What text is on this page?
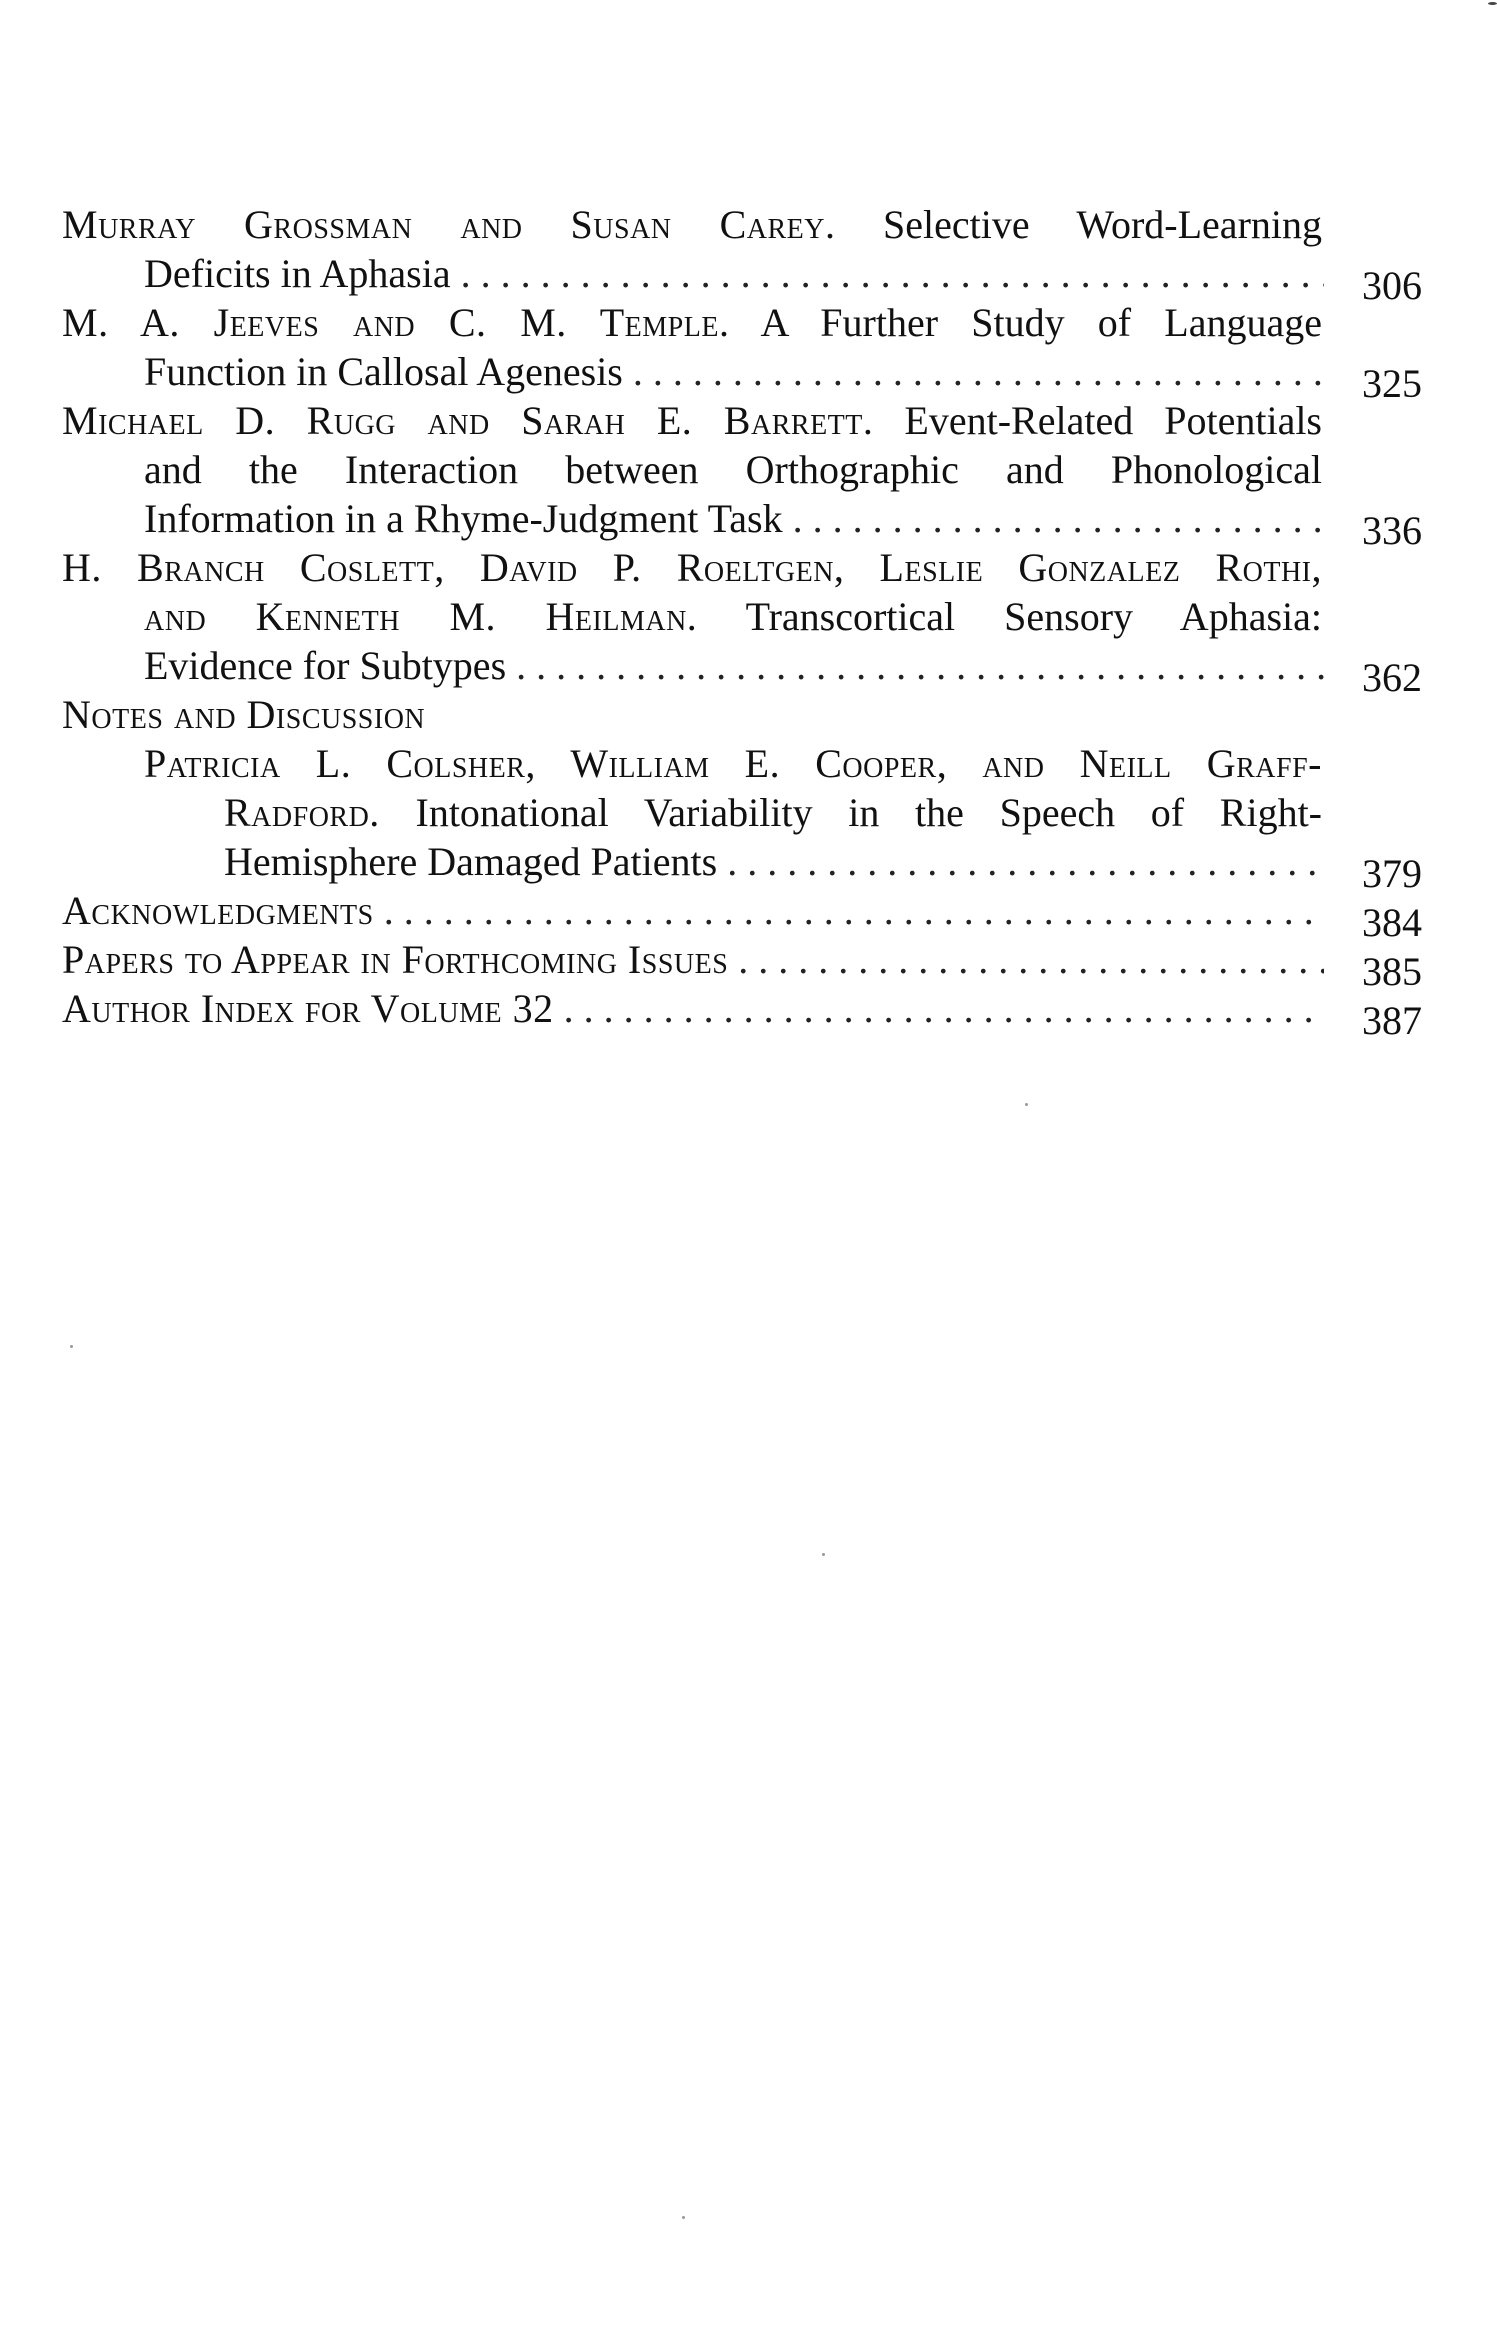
Murray Grossman and Susan Carey. Selective Word-Learning
Deficits in Aphasia . . .	306
M. A. Jeeves and C. M. Temple. A Further Study of Language
Function in Callosal Agenesis . . .	325
Michael D. Rugg and Sarah E. Barrett. Event-Related Potentials
and the Interaction between Orthographic and Phonological
Information in a Rhyme-Judgment Task . . .	336
H. Branch Coslett, David P. Roeltgen, Leslie Gonzalez Rothi,
and Kenneth M. Heilman. Transcortical Sensory Aphasia:
Evidence for Subtypes . . .	362
Notes and Discussion
Patricia L. Colsher, William E. Cooper, and Neill Graff-
Radford. Intonational Variability in the Speech of Right-
Hemisphere Damaged Patients . . .	379
Acknowledgments . . .	384
Papers to Appear in Forthcoming Issues . . .	385
Author Index for Volume 32 . . .	387
